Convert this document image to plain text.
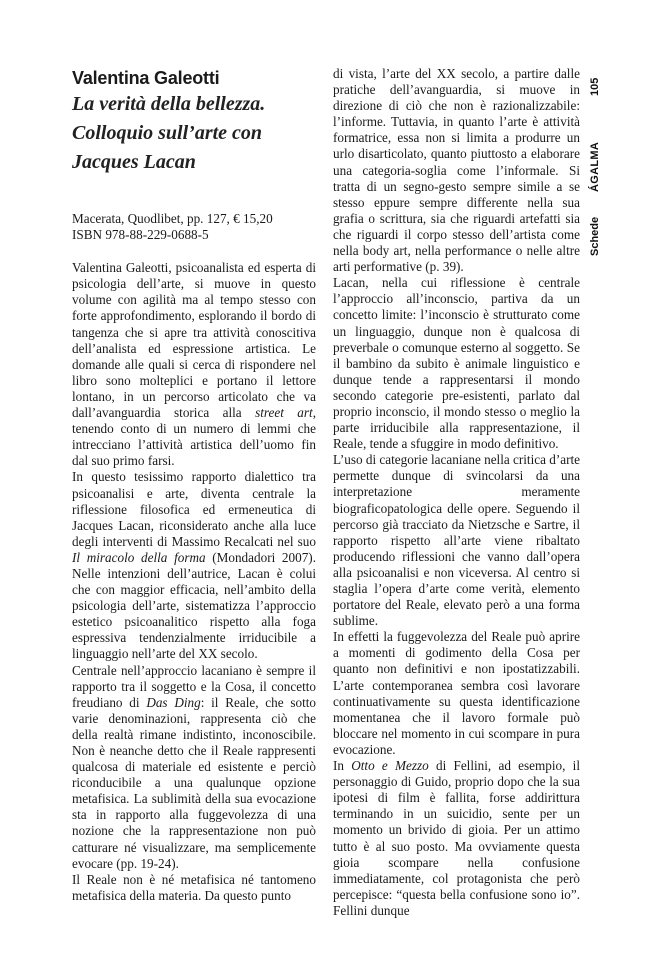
Valentina Galeotti
La verità della bellezza.
Colloquio sull’arte con
Jacques Lacan
Macerata, Quodlibet, pp. 127, € 15,20
ISBN 978-88-229-0688-5

Valentina Galeotti, psicoanalista ed esperta di psicologia dell’arte, si muove in questo volume con agilità ma al tempo stesso con forte approfondimento, esplorando il bordo di tangenza che si apre tra attività conoscitiva dell’analista ed espressione artistica. Le domande alle quali si cerca di rispondere nel libro sono molteplici e portano il lettore lontano, in un percorso articolato che va dall’avanguardia storica alla street art, tenendo conto di un numero di lemmi che intrecciano l’attività artistica dell’uomo fin dal suo primo farsi.

In questo tesissimo rapporto dialettico tra psicoanalisi e arte, diventa centrale la riflessione filosofica ed ermeneutica di Jacques Lacan, riconsiderato anche alla luce degli interventi di Massimo Recalcati nel suo Il miracolo della forma (Mondadori 2007). Nelle intenzioni dell’autrice, Lacan è colui che con maggior efficacia, nell’ambito della psicologia dell’arte, sistematizza l’approccio estetico psicoanalitico rispetto alla foga espressiva tendenzialmente irriducibile a linguaggio nell’arte del XX secolo.

Centrale nell’approccio lacaniano è sempre il rapporto tra il soggetto e la Cosa, il concetto freudiano di Das Ding: il Reale, che sotto varie denominazioni, rappresenta ciò che della realtà rimane indistinto, inconoscibile. Non è neanche detto che il Reale rappresenti qualcosa di materiale ed esistente e perciò riconducibile a una qualunque opzione metafisica. La sublimità della sua evocazione sta in rapporto alla fuggevolezza di una nozione che la rappresentazione non può catturare né visualizzare, ma semplicemente evocare (pp. 19-24).

Il Reale non è né metafisica né tantomeno metafisica della materia. Da questo punto

di vista, l’arte del XX secolo, a partire dalle pratiche dell’avanguardia, si muove in direzione di ciò che non è razionalizzabile: l’informe. Tuttavia, in quanto l’arte è attività formatrice, essa non si limita a produrre un urlo disarticolato, quanto piuttosto a elaborare una categoria-soglia come l’informale. Si tratta di un segno-gesto sempre simile a se stesso eppure sempre differente nella sua grafia o scrittura, sia che riguardi artefatti sia che riguardi il corpo stesso dell’artista come nella body art, nella performance o nelle altre arti performative (p. 39).

Lacan, nella cui riflessione è centrale l’approccio all’inconscio, partiva da un concetto limite: l’inconscio è strutturato come un linguaggio, dunque non è qualcosa di preverbale o comunque esterno al soggetto. Se il bambino da subito è animale linguistico e dunque tende a rappresentarsi il mondo secondo categorie pre-esistenti, parlato dal proprio inconscio, il mondo stesso o meglio la parte irriducibile alla rappresentazione, il Reale, tende a sfuggire in modo definitivo.

L’uso di categorie lacaniane nella critica d’arte permette dunque di svincolarsi da una interpretazione meramente biograficopatologica delle opere. Seguendo il percorso già tracciato da Nietzsche e Sartre, il rapporto rispetto all’arte viene ribaltato producendo riflessioni che vanno dall’opera alla psicoanalisi e non viceversa. Al centro si staglia l’opera d’arte come verità, elemento portatore del Reale, elevato però a una forma sublime.

In effetti la fuggevolezza del Reale può aprire a momenti di godimento della Cosa per quanto non definitivi e non ipostatizzabili. L’arte contemporanea sembra così lavorare continuativamente su questa identificazione momentanea che il lavoro formale può bloccare nel momento in cui scompare in pura evocazione.

In Otto e Mezzo di Fellini, ad esempio, il personaggio di Guido, proprio dopo che la sua ipotesi di film è fallita, forse addirittura terminando in un suicidio, sente per un momento un brivido di gioia. Per un attimo tutto è al suo posto. Ma ovviamente questa gioia scompare nella confusione immediatamente, col protagonista che però percepisce: “questa bella confusione sono io”. Fellini dunque

105
ÁGALMA
Schede
